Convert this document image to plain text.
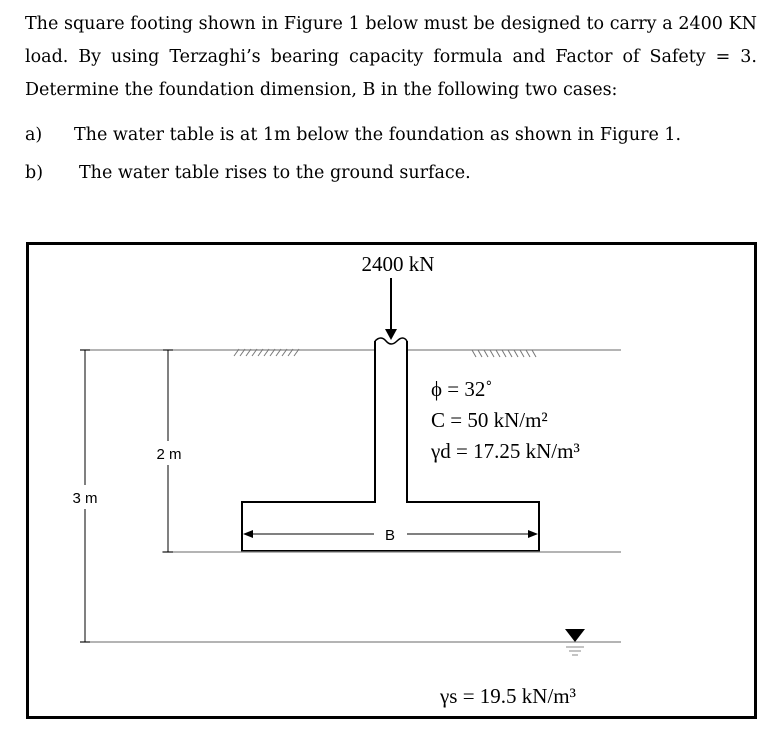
The square footing shown in Figure 1 below must be designed to carry a 2400 KN
load. By using Terzaghi’s bearing capacity formula and Factor of Safety = 3.
Determine the foundation dimension, B in the following two cases:
a) The water table is at 1m below the foundation as shown in Figure 1.
b) The water table rises to the ground surface.
2400 kN
2 m
3 m
B
ϕ = 32˚
C = 50 kN/m²
γd = 17.25 kN/m³
γs = 19.5 kN/m³
